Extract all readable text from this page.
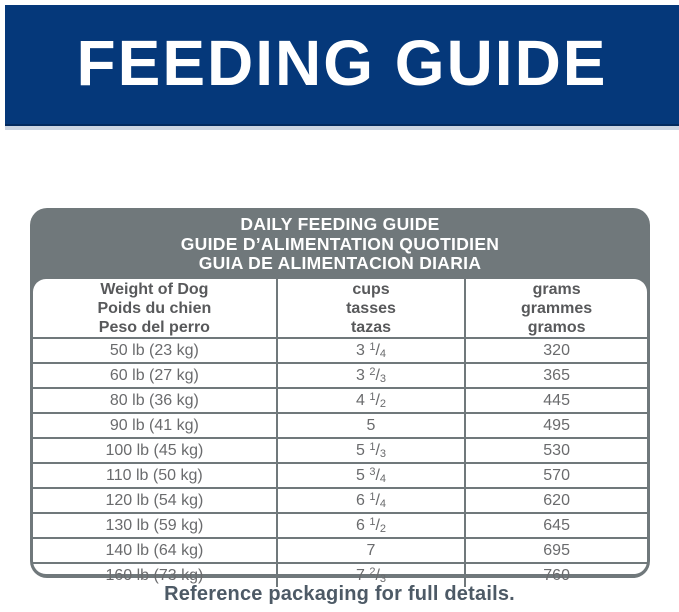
FEEDING GUIDE
DAILY FEEDING GUIDE
GUIDE D’ALIMENTATION QUOTIDIEN
GUIA DE ALIMENTACION DIARIA
Weight of Dog
Poids du chien
Peso del perro

cups
tasses
tazas

grams
grammes
gramos

50 lb (23 kg)	3 $^1/_4$	320
60 lb (27 kg)	3 $^2/_3$	365
80 lb (36 kg)	4 $^1/_2$	445
90 lb (41 kg)	5	495
100 lb (45 kg)	5 $^1/_3$	530
110 lb (50 kg)	5 $^3/_4$	570
120 lb (54 kg)	6 $^1/_4$	620
130 lb (59 kg)	6 $^1/_2$	645
140 lb (64 kg)	7	695
160 lb (73 kg)	7 $^2/_3$	760
Reference packaging for full details.
